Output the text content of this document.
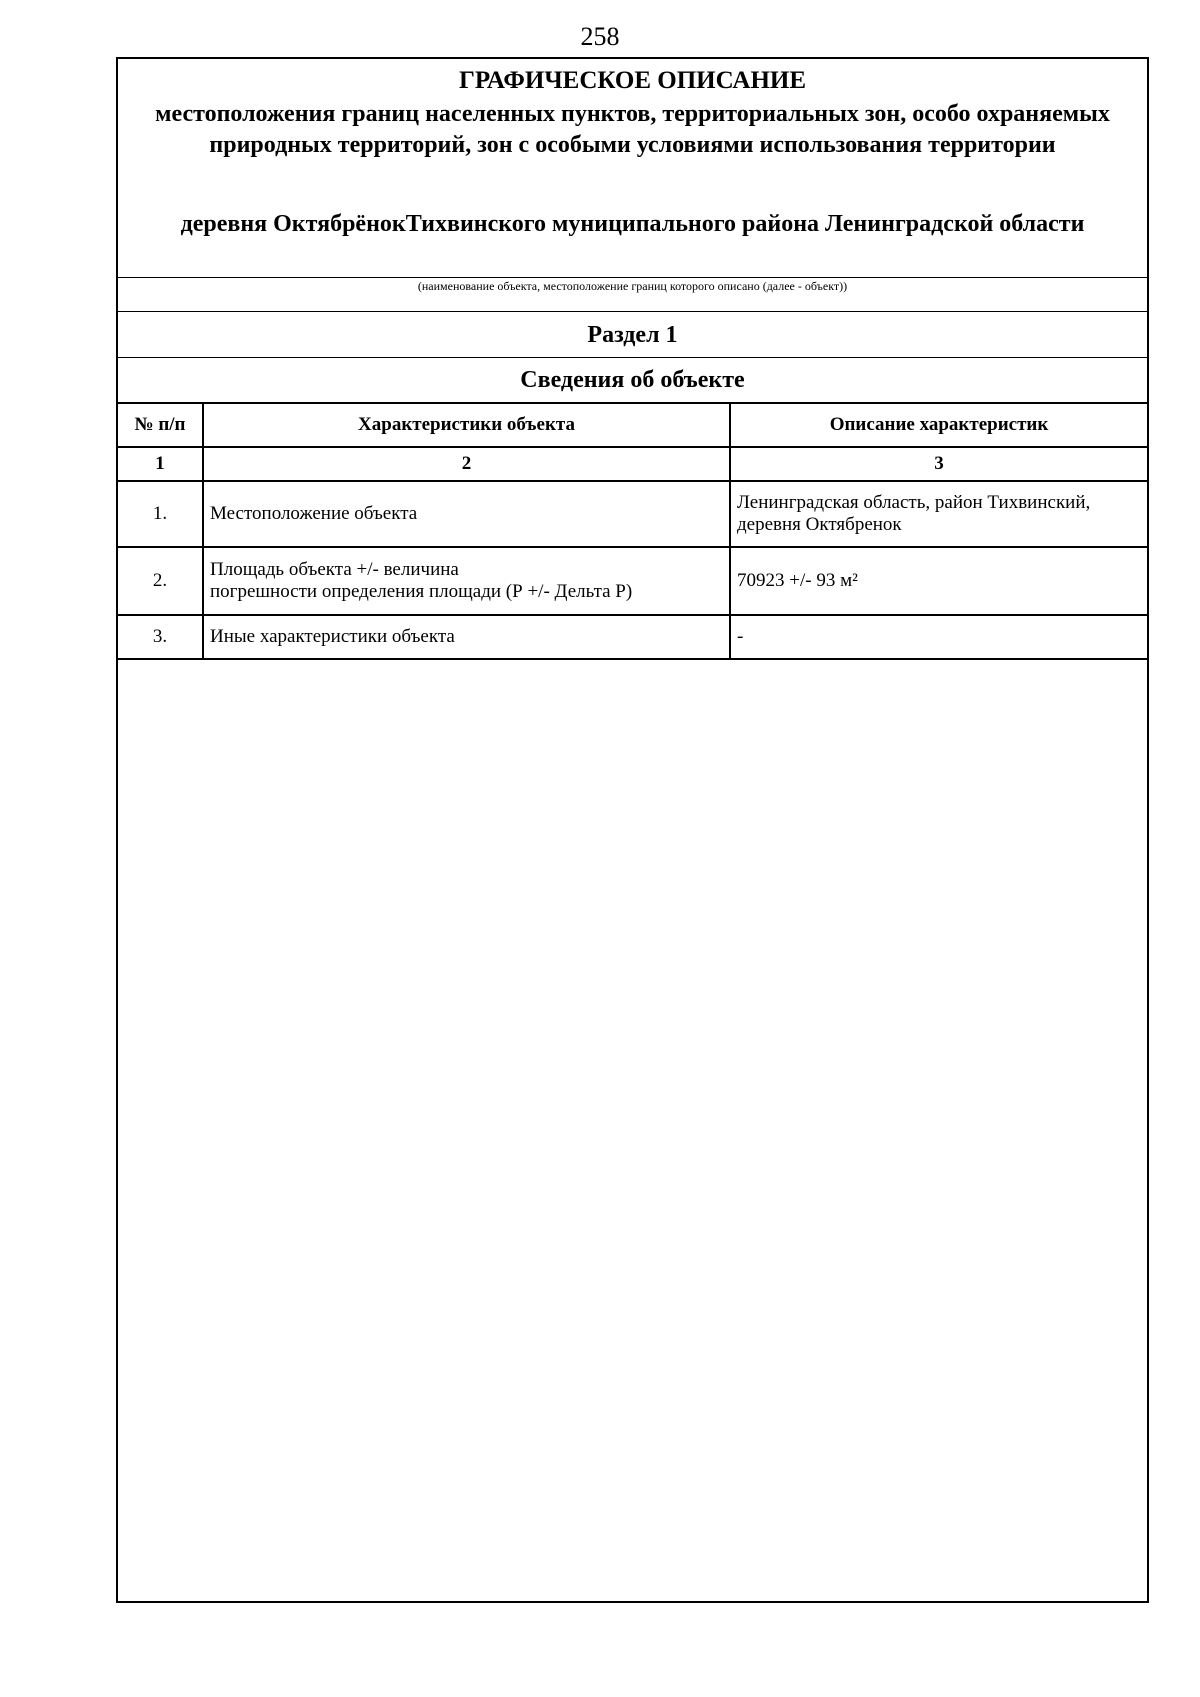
258
ГРАФИЧЕСКОЕ ОПИСАНИЕ
местоположения границ населенных пунктов, территориальных зон, особо охраняемых природных территорий, зон с особыми условиями использования территории
деревня ОктябрёнокТихвинского муниципального района Ленинградской области
(наименование объекта, местоположение границ которого описано (далее - объект))
Раздел 1
Сведения об объекте
№ п/п	Характеристики объекта	Описание характеристик
1	2	3
1.	Местоположение объекта	Ленинградская область, район Тихвинский,
деревня Октябренок

2.	Площадь объекта +/- величина
погрешности определения площади (Р +/- Дельта Р)	70923 +/- 93 м²

3.	Иные характеристики объекта	-
